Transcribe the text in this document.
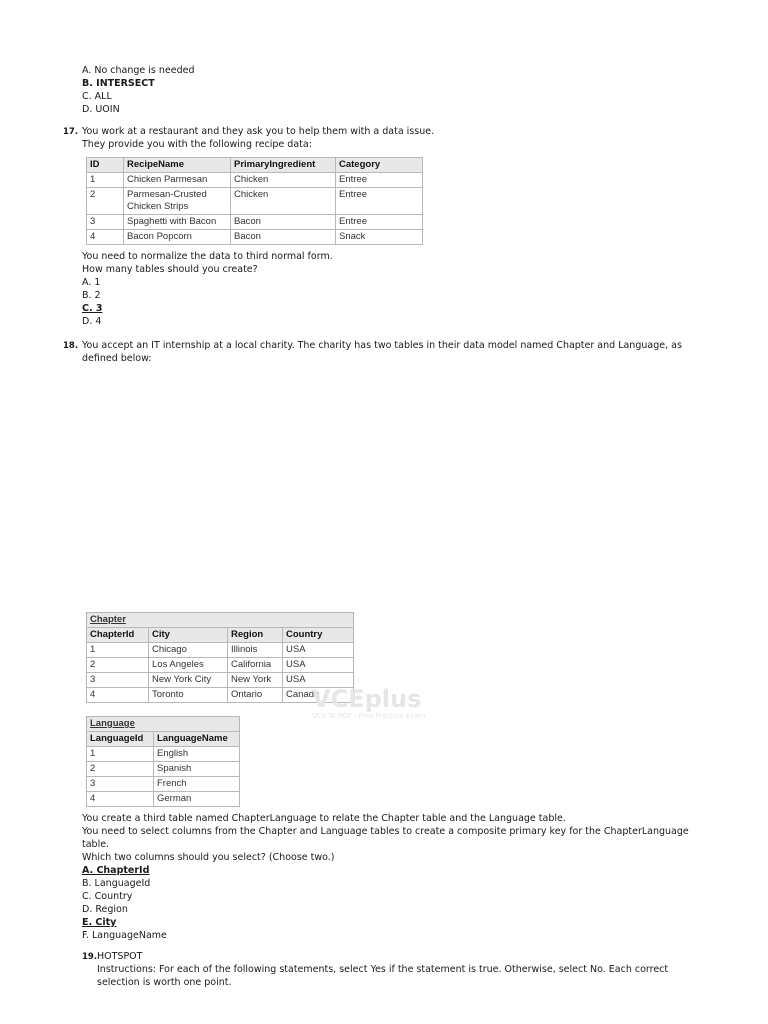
A. No change is needed
B. INTERSECT
C. ALL
D. UOIN
17. You work at a restaurant and they ask you to help them with a data issue.
They provide you with the following recipe data:
ID	RecipeName	PrimaryIngredient	Category
1	Chicken Parmesan	Chicken	Entree
2	Parmesan-Crusted
Chicken Strips	Chicken	Entree
3	Spaghetti with Bacon	Bacon	Entree
4	Bacon Popcorn	Bacon	Snack
You need to normalize the data to third normal form.
How many tables should you create?
A. 1
B. 2
C. 3
D. 4
18. You accept an IT internship at a local charity. The charity has two tables in their data model named Chapter and Language, as
defined below:
Chapter			
ChapterId	City	Region	Country
1	Chicago	Illinois	USA
2	Los Angeles	California	USA
3	New York City	New York	USA
4	Toronto	Ontario	Canada
VCEplus
VCE To PDF - Free Practice Exam
Language	
LanguageId	LanguageName
1	English
2	Spanish
3	French
4	German
You create a third table named ChapterLanguage to relate the Chapter table and the Language table.
You need to select columns from the Chapter and Language tables to create a composite primary key for the ChapterLanguage
table.
Which two columns should you select? (Choose two.)
A. ChapterId
B. LanguageId
C. Country
D. Region
E. City
F. LanguageName
19. HOTSPOT
Instructions: For each of the following statements, select Yes if the statement is true. Otherwise, select No. Each correct
selection is worth one point.
